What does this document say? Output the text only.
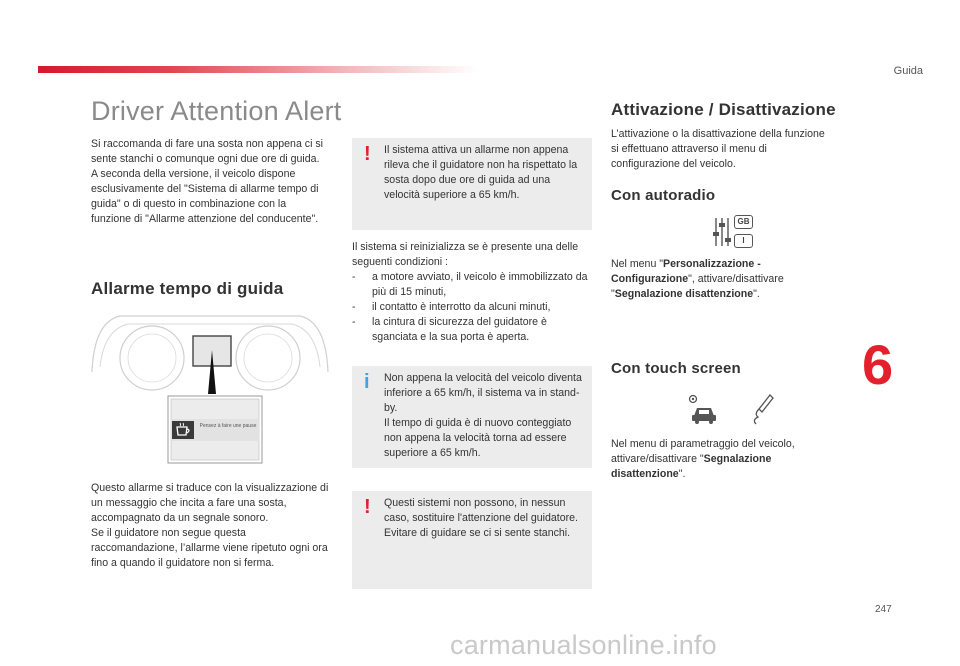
Guida
Driver Attention Alert
Si raccomanda di fare una sosta non appena ci si sente stanchi o comunque ogni due ore di guida.
A seconda della versione, il veicolo dispone esclusivamente del "Sistema di allarme tempo di guida" o di questo in combinazione con la funzione di "Allarme attenzione del conducente".
Allarme tempo di guida
Pensez à faire une pause
Questo allarme si traduce con la visualizzazione di un messaggio che incita a fare una sosta, accompagnato da un segnale sonoro.
Se il guidatore non segue questa raccomandazione, l’allarme viene ripetuto ogni ora fino a quando il guidatore non si ferma.
!	Il sistema attiva un allarme non appena rileva che il guidatore non ha rispettato la sosta dopo due ore di guida ad una velocità superiore a 65 km/h.
Il sistema si reinizializza se è presente una delle seguenti condizioni :
- a motore avviato, il veicolo è immobilizzato da più di 15 minuti,
- il contatto è interrotto da alcuni minuti,
- la cintura di sicurezza del guidatore è sganciata e la sua porta è aperta.
i	Non appena la velocità del veicolo diventa inferiore a 65 km/h, il sistema va in stand-by.
Il tempo di guida è di nuovo conteggiato non appena la velocità torna ad essere superiore a 65 km/h.
!	Questi sistemi non possono, in nessun caso, sostituire l'attenzione del guidatore.
Evitare di guidare se ci si sente stanchi.
Attivazione / Disattivazione
L’attivazione o la disattivazione della funzione si effettuano attraverso il menu di configurazione del veicolo.
Con autoradio
GB
I
Nel menu "Personalizzazione - Configurazione", attivare/disattivare "Segnalazione disattenzione".
Con touch screen
Nel menu di parametraggio del veicolo, attivare/disattivare "Segnalazione disattenzione".
6
247
carmanualsonline.info
